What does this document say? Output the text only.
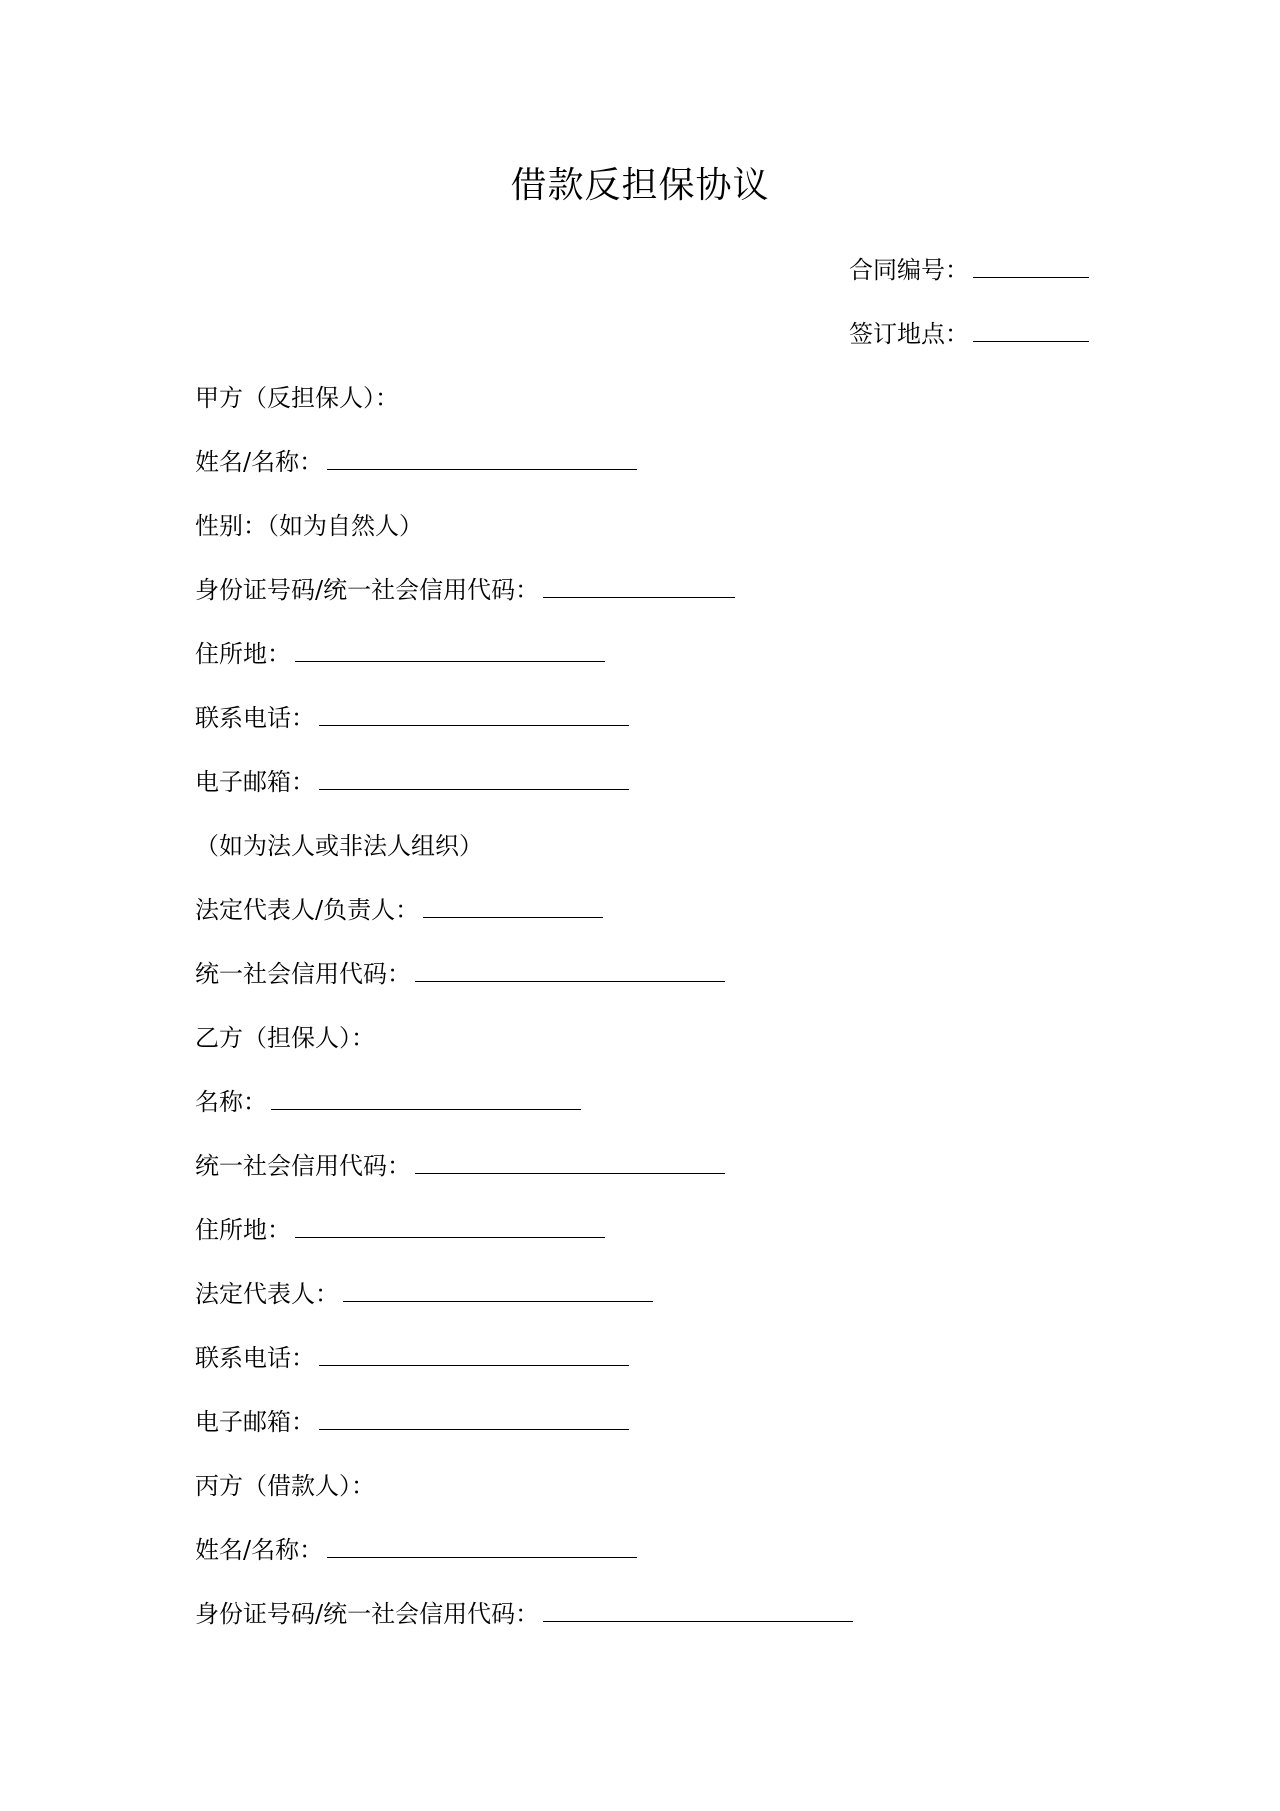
借款反担保协议
合同编号：
签订地点：
甲方（反担保人）：
姓名/名称：
性别：（如为自然人）
身份证号码/统一社会信用代码：
住所地：
联系电话：
电子邮箱：
（如为法人或非法人组织）
法定代表人/负责人：
统一社会信用代码：
乙方（担保人）：
名称：
统一社会信用代码：
住所地：
法定代表人：
联系电话：
电子邮箱：
丙方（借款人）：
姓名/名称：
身份证号码/统一社会信用代码：
